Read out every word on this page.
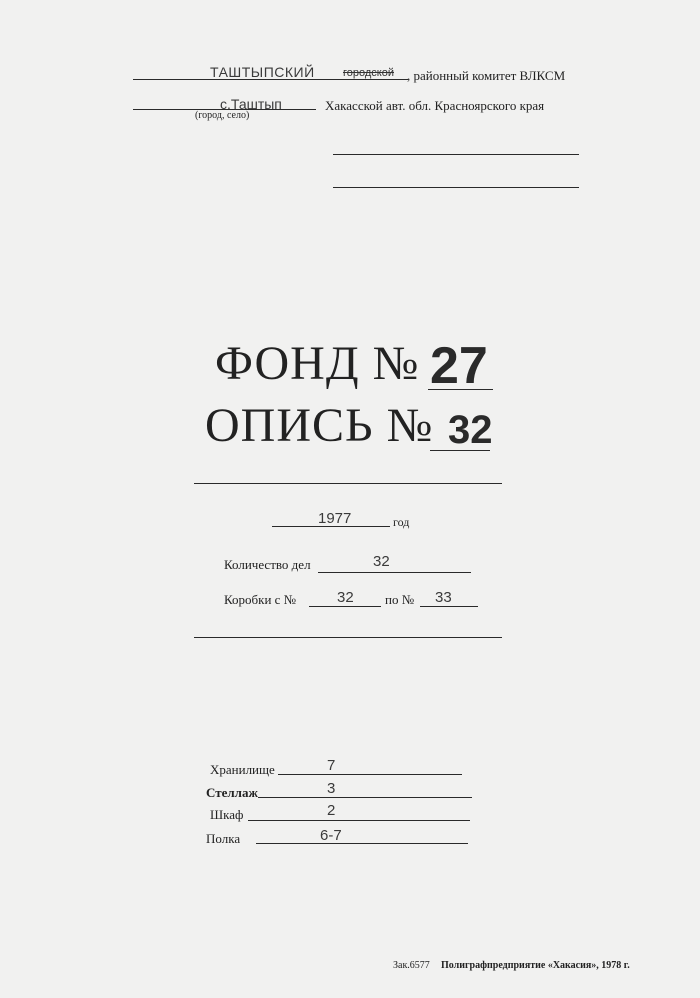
ТАШТЫПСКИЙ	городской , районный комитет ВЛКСМ
с.Таштып
(город, село)
Хакасской авт. обл. Красноярского края
ФОНД № 27
ОПИСЬ № 32
1977	год
Количество дел	32
Коробки с №	32 по № 33
Хранилище	7
Стеллаж	3
Шкаф	2
Полка	6-7
Зак.6577 Полиграфпредприятие «Хакасия», 1978 г.
